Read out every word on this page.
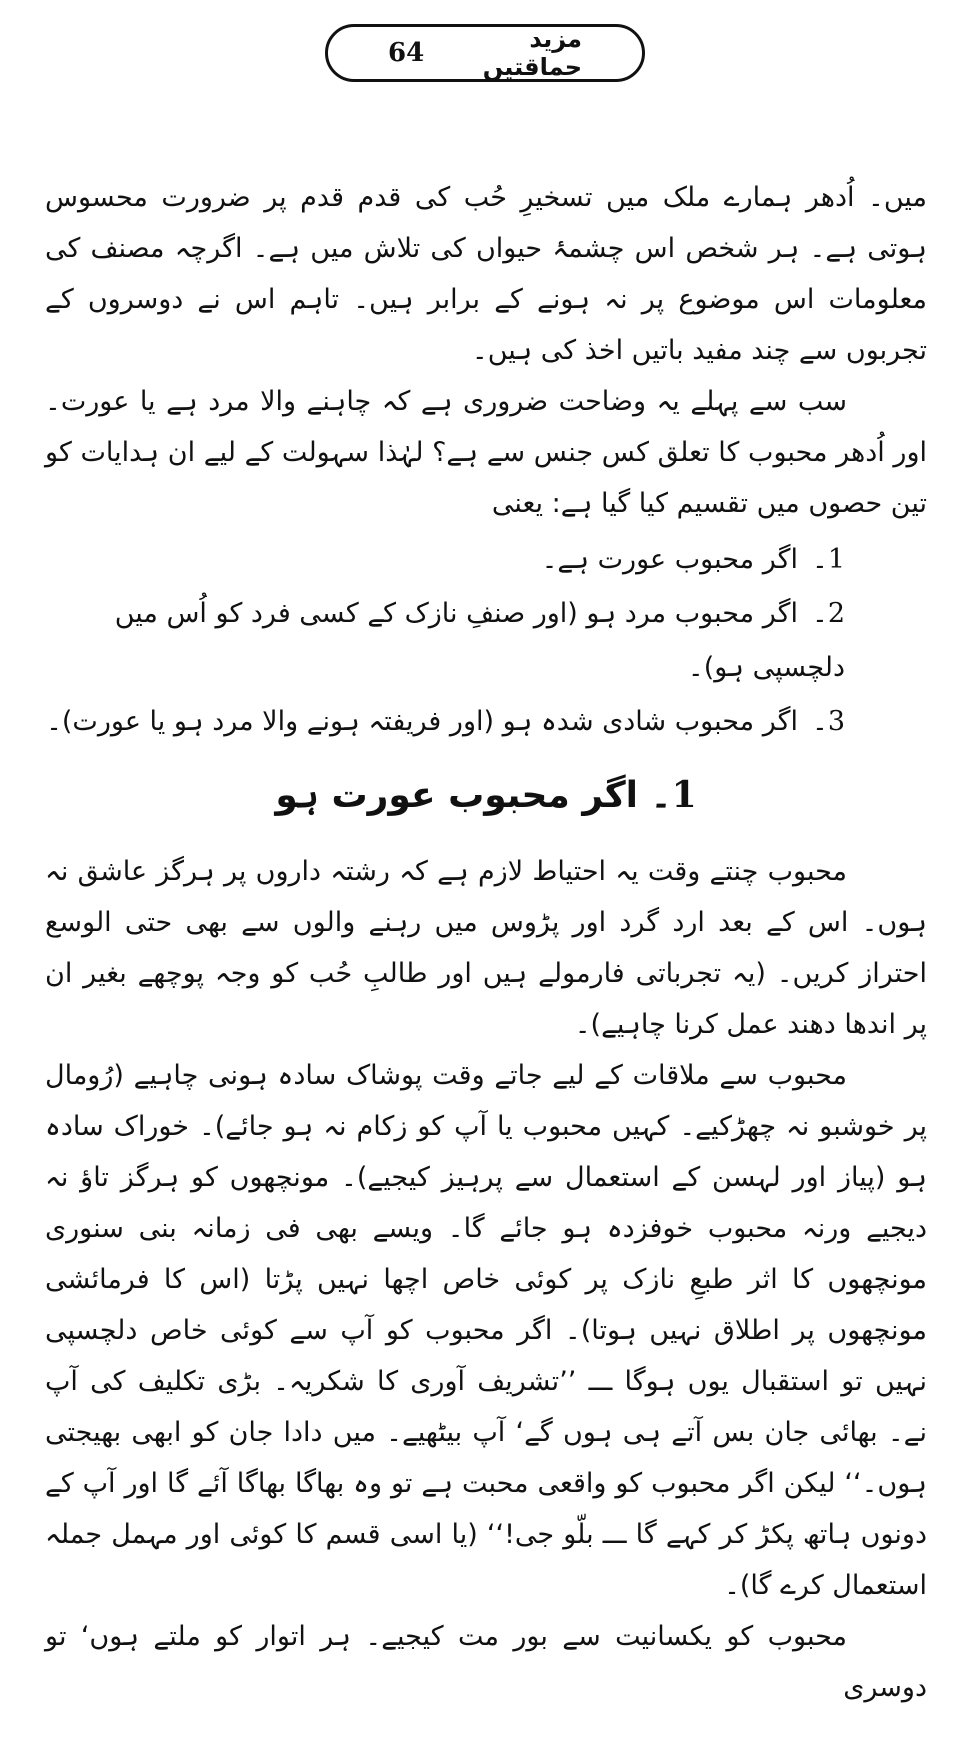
64	مزید حماقتیں

میں۔ اُدھر ہمارے ملک میں تسخیرِ حُب کی قدم قدم پر ضرورت محسوس ہوتی ہے۔ ہر شخص اس چشمۂ حیواں کی تلاش میں ہے۔ اگرچہ مصنف کی معلومات اس موضوع پر نہ ہونے کے برابر ہیں۔ تاہم اس نے دوسروں کے تجربوں سے چند مفید باتیں اخذ کی ہیں۔

سب سے پہلے یہ وضاحت ضروری ہے کہ چاہنے والا مرد ہے یا عورت۔ اور اُدھر محبوب کا تعلق کس جنس سے ہے؟ لہٰذا سہولت کے لیے ان ہدایات کو تین حصوں میں تقسیم کیا گیا ہے: یعنی

1۔اگر محبوب عورت ہے۔
2۔اگر محبوب مرد ہو (اور صنفِ نازک کے کسی فرد کو اُس میں دلچسپی ہو)۔
3۔اگر محبوب شادی شدہ ہو (اور فریفتہ ہونے والا مرد ہو یا عورت)۔
1۔ اگر محبوب عورت ہو

محبوب چنتے وقت یہ احتیاط لازم ہے کہ رشتہ داروں پر ہرگز عاشق نہ ہوں۔ اس کے بعد ارد گرد اور پڑوس میں رہنے والوں سے بھی حتی الوسع احتراز کریں۔ (یہ تجرباتی فارمولے ہیں اور طالبِ حُب کو وجہ پوچھے بغیر ان پر اندھا دھند عمل کرنا چاہیے)۔

محبوب سے ملاقات کے لیے جاتے وقت پوشاک سادہ ہونی چاہیے (رُومال پر خوشبو نہ چھڑکیے۔ کہیں محبوب یا آپ کو زکام نہ ہو جائے)۔ خوراک سادہ ہو (پیاز اور لہسن کے استعمال سے پرہیز کیجیے)۔ مونچھوں کو ہرگز تاؤ نہ دیجیے ورنہ محبوب خوفزدہ ہو جائے گا۔ ویسے بھی فی زمانہ بنی سنوری مونچھوں کا اثر طبعِ نازک پر کوئی خاص اچھا نہیں پڑتا (اس کا فرمائشی مونچھوں پر اطلاق نہیں ہوتا)۔ اگر محبوب کو آپ سے کوئی خاص دلچسپی نہیں تو استقبال یوں ہوگا ـــ ’’تشریف آوری کا شکریہ۔ بڑی تکلیف کی آپ نے۔ بھائی جان بس آتے ہی ہوں گے‘ آپ بیٹھیے۔ میں دادا جان کو ابھی بھیجتی ہوں۔‘‘ لیکن اگر محبوب کو واقعی محبت ہے تو وہ بھاگا بھاگا آئے گا اور آپ کے دونوں ہاتھ پکڑ کر کہے گا ـــ بلّو جی!‘‘ (یا اسی قسم کا کوئی اور مہمل جملہ استعمال کرے گا)۔

محبوب کو یکسانیت سے بور مت کیجیے۔ ہر اتوار کو ملتے ہوں‘ تو دوسری
